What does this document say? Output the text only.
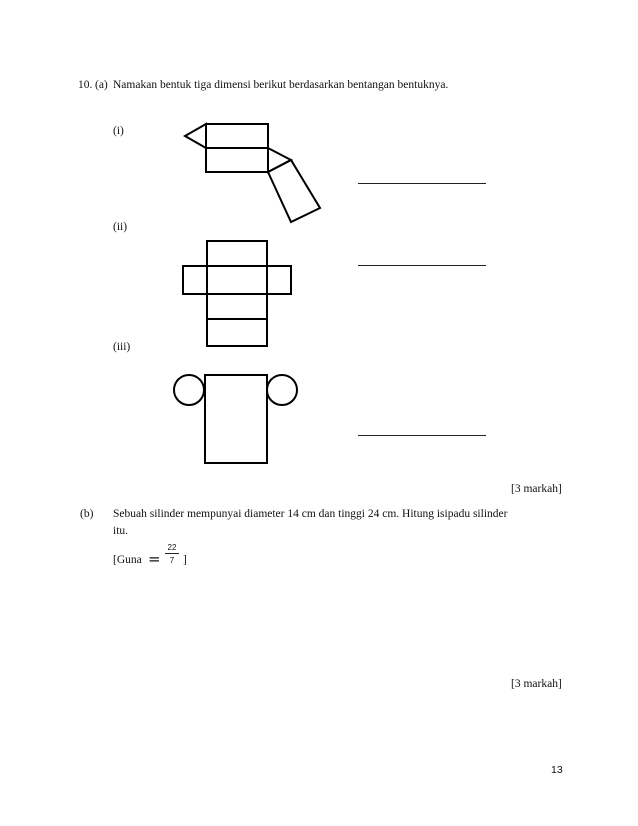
10. (a) Namakan bentuk tiga dimensi berikut berdasarkan bentangan bentuknya.
(i)
(ii)
(iii)
[3 markah]
(b) Sebuah silinder mempunyai diameter 14 cm dan tinggi 24 cm. Hitung isipadu silinder
itu.
[Guna =
22
7 ]
[3 markah]
13
